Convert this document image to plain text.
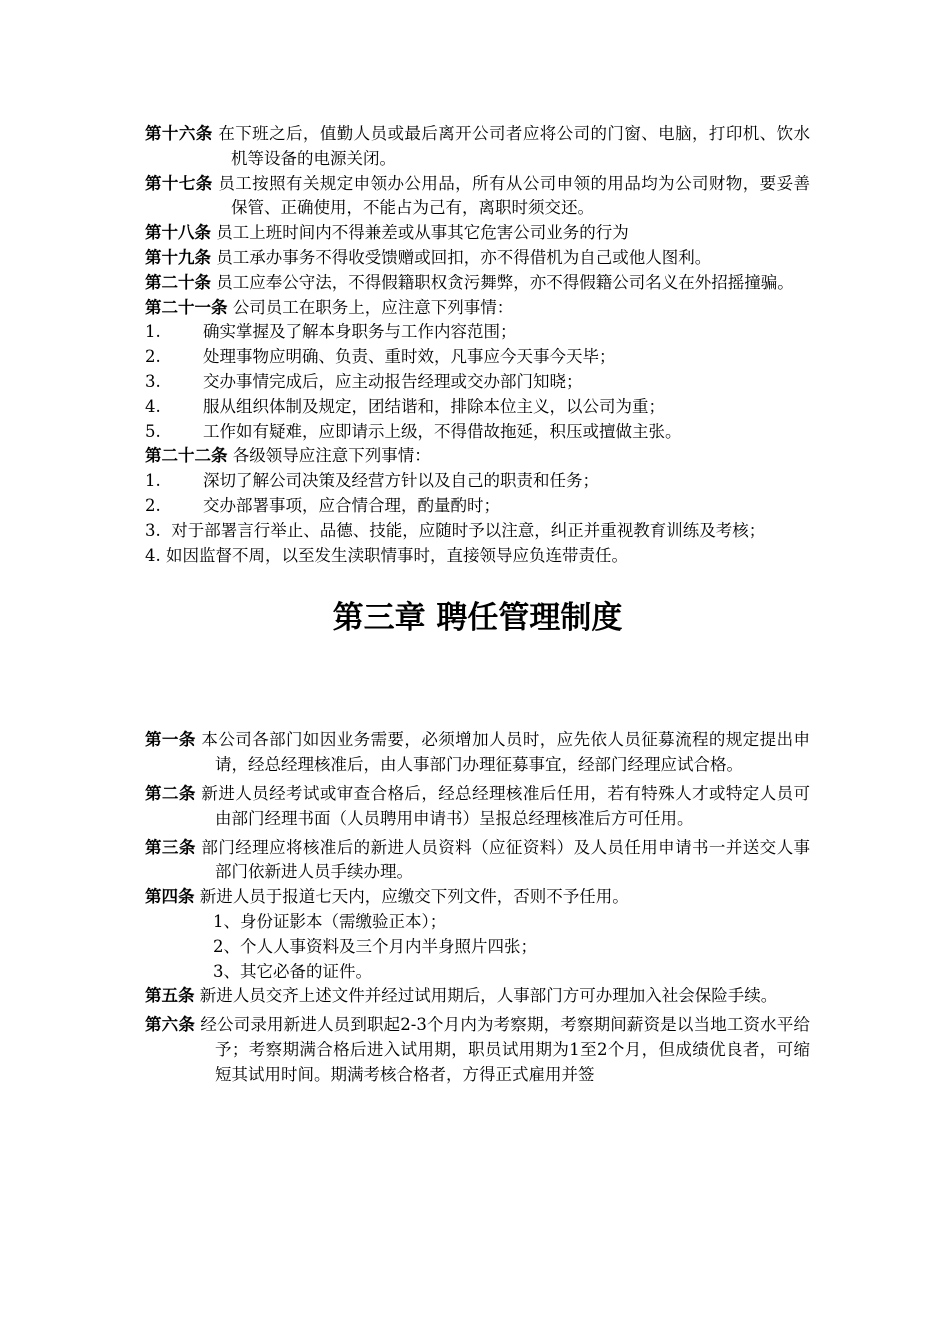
第十六条 在下班之后，值勤人员或最后离开公司者应将公司的门窗、电脑，打印机、饮水机等设备的电源关闭。

第十七条 员工按照有关规定申领办公用品，所有从公司申领的用品均为公司财物，要妥善保管、正确使用，不能占为己有，离职时须交还。

第十八条 员工上班时间内不得兼差或从事其它危害公司业务的行为

第十九条 员工承办事务不得收受馈赠或回扣，亦不得借机为自己或他人图利。

第二十条 员工应奉公守法，不得假籍职权贪污舞弊，亦不得假籍公司名义在外招摇撞骗。

第二十一条 公司员工在职务上，应注意下列事情：

1.	确实掌握及了解本身职务与工作内容范围；

2.	处理事物应明确、负责、重时效，凡事应今天事今天毕；

3.	交办事情完成后，应主动报告经理或交办部门知晓；

4.	服从组织体制及规定，团结谐和，排除本位主义，以公司为重；

5.	工作如有疑难，应即请示上级，不得借故拖延，积压或擅做主张。

第二十二条 各级领导应注意下列事情：

1.	深切了解公司决策及经营方针以及自己的职责和任务；

2.	交办部署事项，应合情合理，酌量酌时；

3. 对于部署言行举止、品德、技能，应随时予以注意，纠正并重视教育训练及考核；

4. 如因监督不周，以至发生渎职情事时，直接领导应负连带责任。

第三章 聘任管理制度

第一条 本公司各部门如因业务需要，必须增加人员时，应先依人员征募流程的规定提出申请，经总经理核准后，由人事部门办理征募事宜，经部门经理应试合格。

第二条 新进人员经考试或审查合格后，经总经理核准后任用，若有特殊人才或特定人员可由部门经理书面（人员聘用申请书）呈报总经理核准后方可任用。

第三条 部门经理应将核准后的新进人员资料（应征资料）及人员任用申请书一并送交人事部门依新进人员手续办理。

第四条 新进人员于报道七天内，应缴交下列文件，否则不予任用。

1、身份证影本（需缴验正本）；

2、个人人事资料及三个月内半身照片四张；

3、其它必备的证件。

第五条 新进人员交齐上述文件并经过试用期后，人事部门方可办理加入社会保险手续。

第六条 经公司录用新进人员到职起2-3个月内为考察期，考察期间薪资是以当地工资水平给予；考察期满合格后进入试用期，职员试用期为1至2个月，但成绩优良者，可缩短其试用时间。期满考核合格者，方得正式雇用并签
